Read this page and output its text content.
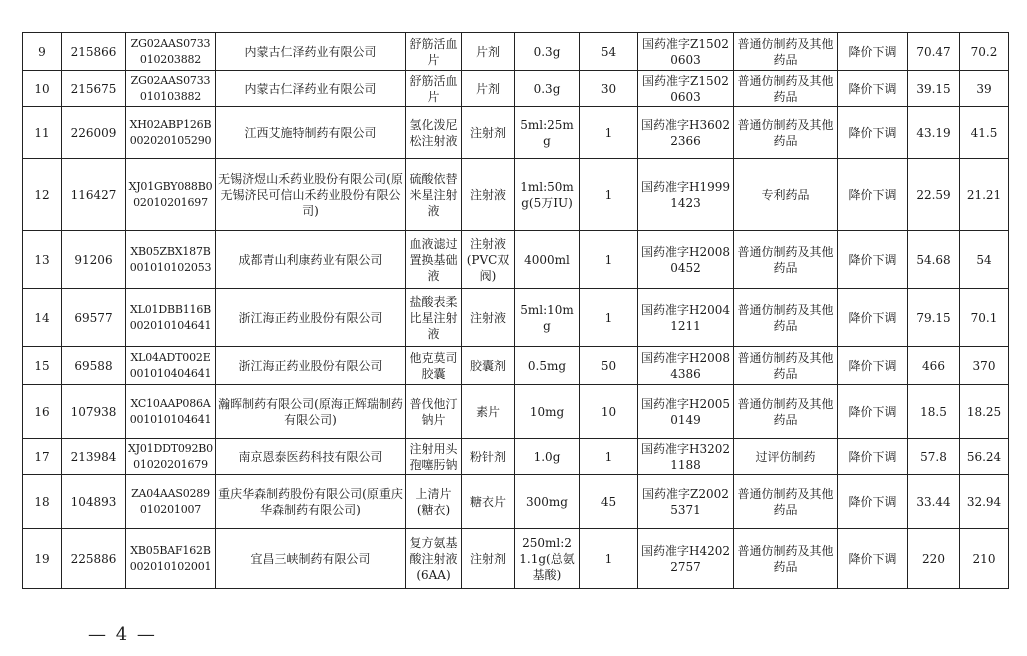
9	215866	ZG02AAS0733010203882	内蒙古仁泽药业有限公司	舒筋活血片	片剂	0.3g	54	国药准字Z15020603	普通仿制药及其他药品	降价下调	70.47	70.2
10	215675	ZG02AAS0733010103882	内蒙古仁泽药业有限公司	舒筋活血片	片剂	0.3g	30	国药准字Z15020603	普通仿制药及其他药品	降价下调	39.15	39
11	226009	XH02ABP126B002020105290	江西艾施特制药有限公司	氢化泼尼松注射液	注射剂	5ml:25mg	1	国药准字H36022366	普通仿制药及其他药品	降价下调	43.19	41.5
12	116427	XJ01GBY088B002010201697	无锡济煜山禾药业股份有限公司(原无锡济民可信山禾药业股份有限公司)	硫酸依替米星注射液	注射液	1ml:50mg(5万IU)	1	国药准字H19991423	专利药品	降价下调	22.59	21.21
13	91206	XB05ZBX187B001010102053	成都青山利康药业有限公司	血液滤过置换基础液	注射液(PVC双阀)	4000ml	1	国药准字H20080452	普通仿制药及其他药品	降价下调	54.68	54
14	69577	XL01DBB116B002010104641	浙江海正药业股份有限公司	盐酸表柔比星注射液	注射液	5ml:10mg	1	国药准字H20041211	普通仿制药及其他药品	降价下调	79.15	70.1
15	69588	XL04ADT002E001010404641	浙江海正药业股份有限公司	他克莫司胶囊	胶囊剂	0.5mg	50	国药准字H20084386	普通仿制药及其他药品	降价下调	466	370
16	107938	XC10AAP086A001010104641	瀚晖制药有限公司(原海正辉瑞制药有限公司)	普伐他汀钠片	素片	10mg	10	国药准字H20050149	普通仿制药及其他药品	降价下调	18.5	18.25
17	213984	XJ01DDT092B001020201679	南京恩泰医药科技有限公司	注射用头孢噻肟钠	粉针剂	1.0g	1	国药准字H32021188	过评仿制药	降价下调	57.8	56.24
18	104893	ZA04AAS0289010201007	重庆华森制药股份有限公司(原重庆华森制药有限公司)	上清片(糖衣)	糖衣片	300mg	45	国药准字Z20025371	普通仿制药及其他药品	降价下调	33.44	32.94
19	225886	XB05BAF162B002010102001	宜昌三峡制药有限公司	复方氨基酸注射液(6AA)	注射剂	250ml:21.1g(总氨基酸)	1	国药准字H42022757	普通仿制药及其他药品	降价下调	220	210
— 4 —
